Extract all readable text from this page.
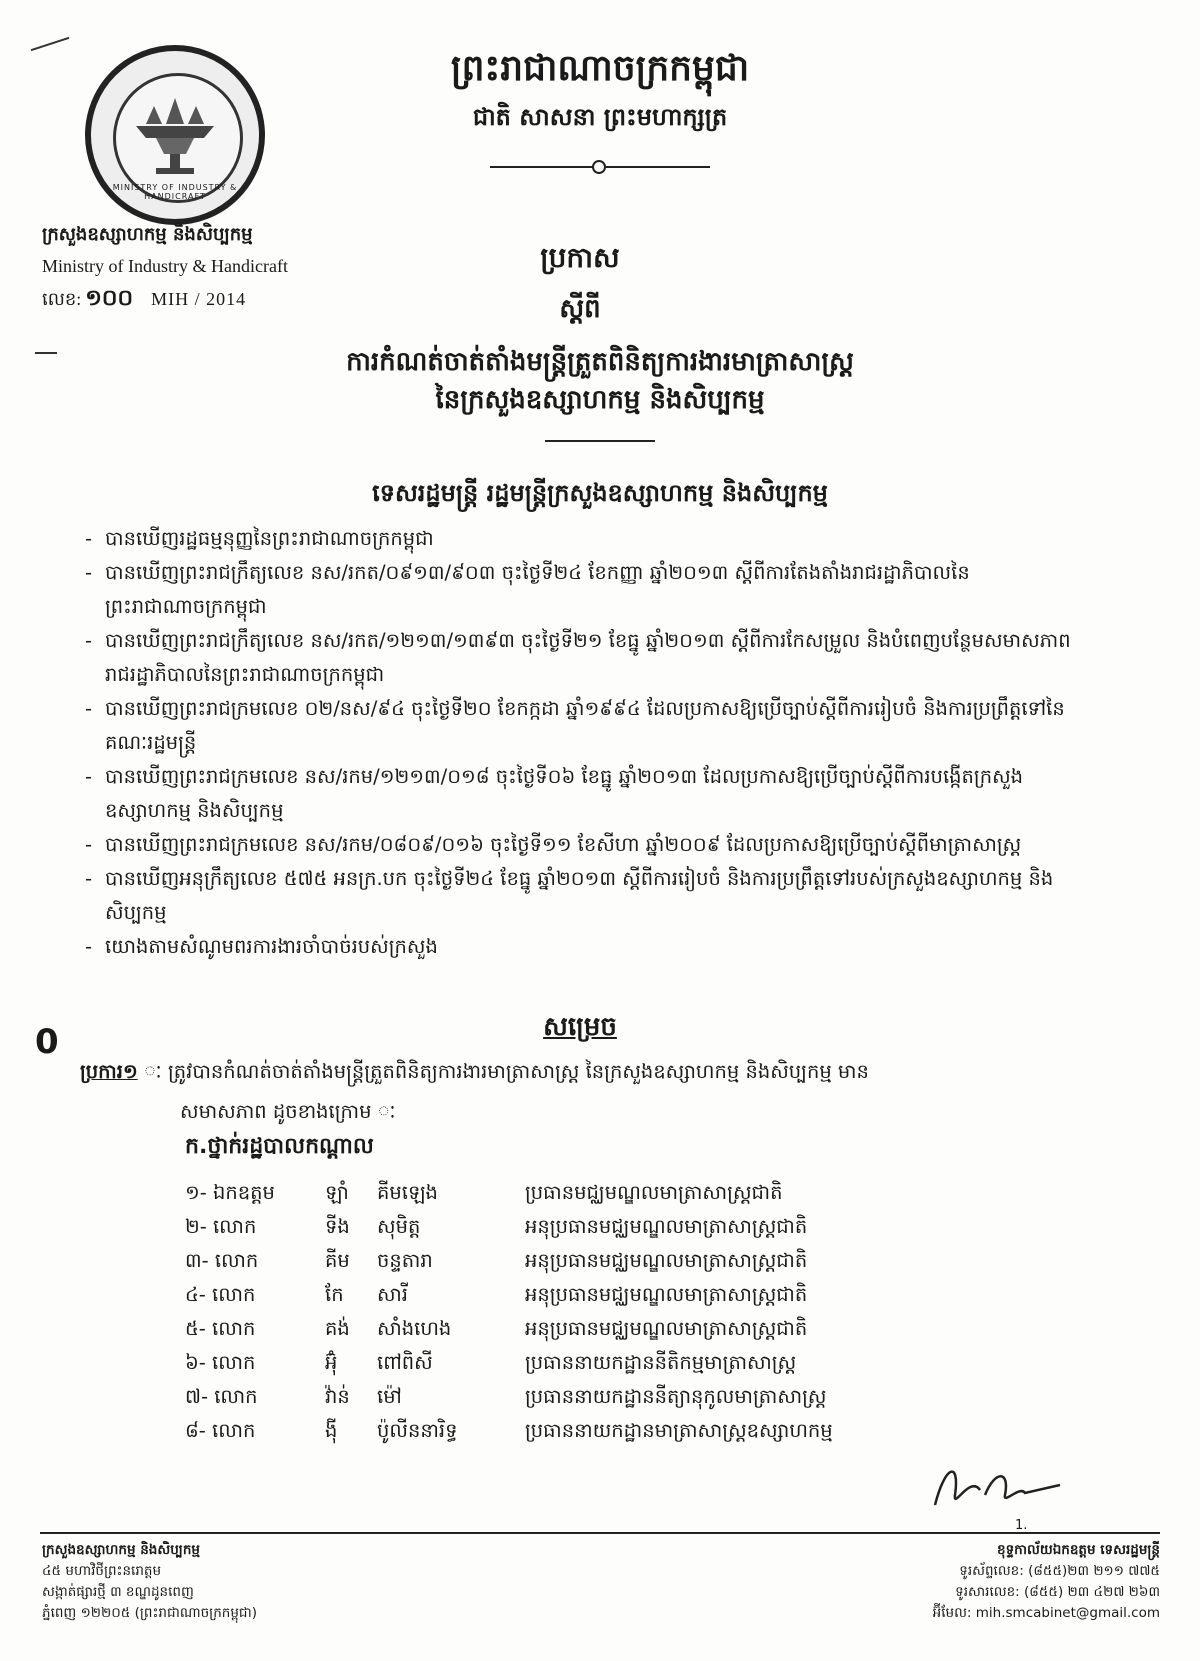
MINISTRY OF INDUSTRY & HANDICRAFT
ព្រះរាជាណាចក្រកម្ពុជា
ជាតិ សាសនា ព្រះមហាក្សត្រ
ក្រសួងឧស្សាហកម្ម និងសិប្បកម្ម
Ministry of Industry & Handicraft
លេខ: ១០០ MIH / 2014
ប្រកាស
ស្ដីពី
ការកំណត់ចាត់តាំងមន្ត្រីត្រួតពិនិត្យការងារមាត្រាសាស្ត្រ
នៃក្រសួងឧស្សាហកម្ម និងសិប្បកម្ម
ទេសរដ្ឋមន្ត្រី រដ្ឋមន្ត្រីក្រសួងឧស្សាហកម្ម និងសិប្បកម្ម
- បានឃើញរដ្ឋធម្មនុញ្ញនៃព្រះរាជាណាចក្រកម្ពុជា
- បានឃើញព្រះរាជក្រឹត្យលេខ នស/រកត/០៩១៣/៩០៣ ចុះថ្ងៃទី២៤ ខែកញ្ញា ឆ្នាំ២០១៣ ស្ដីពីការតែងតាំងរាជរដ្ឋាភិបាលនៃព្រះរាជាណាចក្រកម្ពុជា
- បានឃើញព្រះរាជក្រឹត្យលេខ នស/រកត/១២១៣/១៣៩៣ ចុះថ្ងៃទី២១ ខែធ្នូ ឆ្នាំ២០១៣ ស្ដីពីការកែសម្រួល និងបំពេញបន្ថែមសមាសភាពរាជរដ្ឋាភិបាលនៃព្រះរាជាណាចក្រកម្ពុជា
- បានឃើញព្រះរាជក្រមលេខ ០២/នស/៩៤ ចុះថ្ងៃទី២០ ខែកក្កដា ឆ្នាំ១៩៩៤ ដែលប្រកាសឱ្យប្រើច្បាប់ស្ដីពីការរៀបចំ និងការប្រព្រឹត្តទៅនៃគណៈរដ្ឋមន្ត្រី
- បានឃើញព្រះរាជក្រមលេខ នស/រកម/១២១៣/០១៨ ចុះថ្ងៃទី០៦ ខែធ្នូ ឆ្នាំ២០១៣ ដែលប្រកាសឱ្យប្រើច្បាប់ស្ដីពីការបង្កើតក្រសួងឧស្សាហកម្ម និងសិប្បកម្ម
- បានឃើញព្រះរាជក្រមលេខ នស/រកម/០៨០៩/០១៦ ចុះថ្ងៃទី១១ ខែសីហា ឆ្នាំ២០០៩ ដែលប្រកាសឱ្យប្រើច្បាប់ស្ដីពីមាត្រាសាស្ត្រ
- បានឃើញអនុក្រឹត្យលេខ ៥៧៥ អនក្រ.បក ចុះថ្ងៃទី២៤ ខែធ្នូ ឆ្នាំ២០១៣ ស្ដីពីការរៀបចំ និងការប្រព្រឹត្តទៅរបស់ក្រសួងឧស្សាហកម្ម និងសិប្បកម្ម
- យោងតាមសំណូមពរការងារចាំបាច់របស់ក្រសួង
0	សម្រេច
ប្រការ១ ៈ ត្រូវបានកំណត់ចាត់តាំងមន្ត្រីត្រួតពិនិត្យការងារមាត្រាសាស្ត្រ នៃក្រសួងឧស្សាហកម្ម និងសិប្បកម្ម មាន
សមាសភាព ដូចខាងក្រោម ៈ
ក.ថ្នាក់រដ្ឋបាលកណ្ដាល
១- ឯកឧត្តម	ឡាំ គីមឡេង	ប្រធានមជ្ឈមណ្ឌលមាត្រាសាស្ត្រជាតិ
២- លោក	ទីង សុមិត្ត	អនុប្រធានមជ្ឈមណ្ឌលមាត្រាសាស្ត្រជាតិ
៣- លោក	គីម ចន្ទតារា	អនុប្រធានមជ្ឈមណ្ឌលមាត្រាសាស្ត្រជាតិ
៤- លោក	កែ សារី	អនុប្រធានមជ្ឈមណ្ឌលមាត្រាសាស្ត្រជាតិ
៥- លោក	គង់ សាំងហេង	អនុប្រធានមជ្ឈមណ្ឌលមាត្រាសាស្ត្រជាតិ
៦- លោក	អ៊ុំ ពៅពិសី	ប្រធាននាយកដ្ឋាននីតិកម្មមាត្រាសាស្ត្រ
៧- លោក	វ៉ាន់ ម៉ៅ	ប្រធាននាយកដ្ឋាននីត្យានុកូលមាត្រាសាស្ត្រ
៨- លោក	ង៉ី ប៉ូលីននារិទ្ធ	ប្រធាននាយកដ្ឋានមាត្រាសាស្ត្រឧស្សាហកម្ម
1.
ក្រសួងឧស្សាហកម្ម និងសិប្បកម្ម
៤៥ មហាវិថីព្រះនរោត្តម
សង្កាត់ផ្សារថ្មី ៣ ខណ្ឌដូនពេញ
ភ្នំពេញ ១២២០៥ (ព្រះរាជាណាចក្រកម្ពុជា)
ខុទ្ទកាល័យឯកឧត្តម ទេសរដ្ឋមន្ត្រី
ទូរស័ព្ទលេខ: (៨៥៥)២៣ ២១១ ៧៧៥
ទូរសារលេខ: (៨៥៥) ២៣ ៤២៧ ២៦៣
អ៊ីមែល: mih.smcabinet@gmail.com
